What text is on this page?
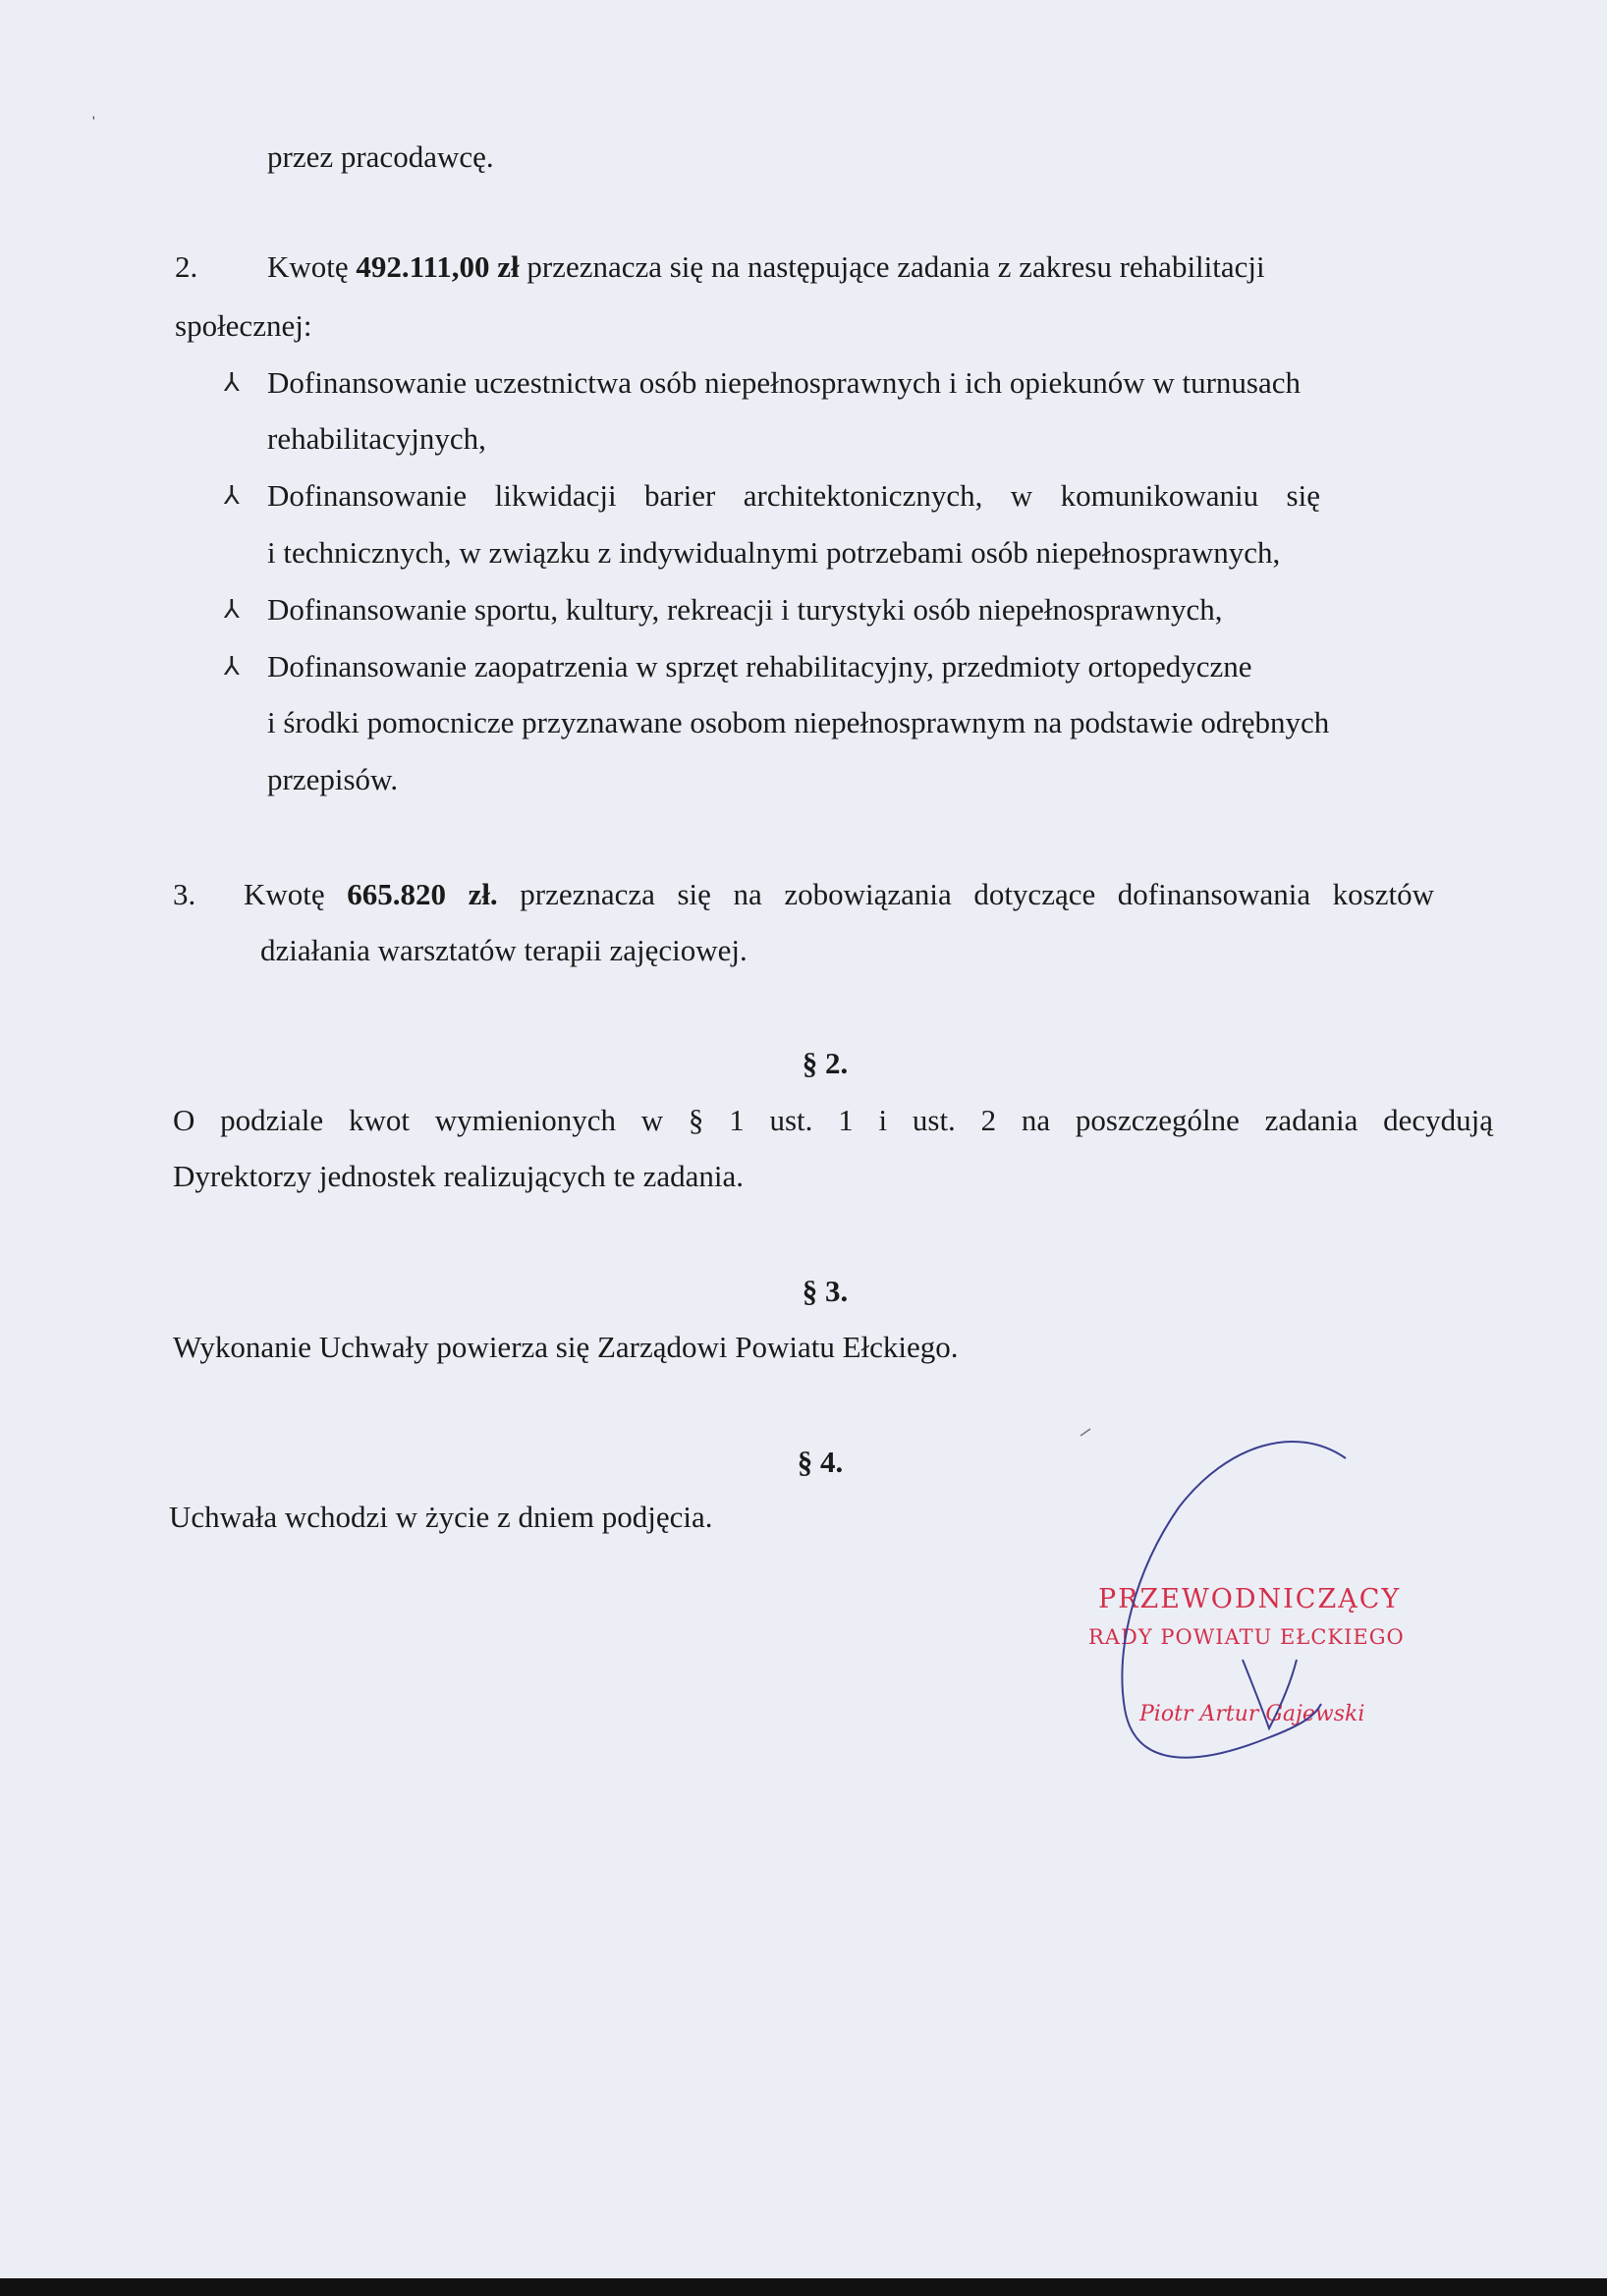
ˌ
przez pracodawcę.
2. Kwotę 492.111,00 zł przeznacza się na następujące zadania z zakresu rehabilitacji
społecznej:
⅄ Dofinansowanie uczestnictwa osób niepełnosprawnych i ich opiekunów w turnusach
rehabilitacyjnych,
⅄ Dofinansowanie likwidacji barier architektonicznych, w komunikowaniu się
i technicznych, w związku z indywidualnymi potrzebami osób niepełnosprawnych,
⅄ Dofinansowanie sportu, kultury, rekreacji i turystyki osób niepełnosprawnych,
⅄ Dofinansowanie zaopatrzenia w sprzęt rehabilitacyjny, przedmioty ortopedyczne
i środki pomocnicze przyznawane osobom niepełnosprawnym na podstawie odrębnych
przepisów.
3. Kwotę 665.820 zł. przeznacza się na zobowiązania dotyczące dofinansowania kosztów
działania warsztatów terapii zajęciowej.
§ 2.
O podziale kwot wymienionych w § 1 ust. 1 i ust. 2 na poszczególne zadania decydują
Dyrektorzy jednostek realizujących te zadania.
§ 3.
Wykonanie Uchwały powierza się Zarządowi Powiatu Ełckiego.
§ 4.
Uchwała wchodzi w życie z dniem podjęcia.
PRZEWODNICZĄCY
RADY POWIATU EŁCKIEGO
Piotr Artur Gajewski
